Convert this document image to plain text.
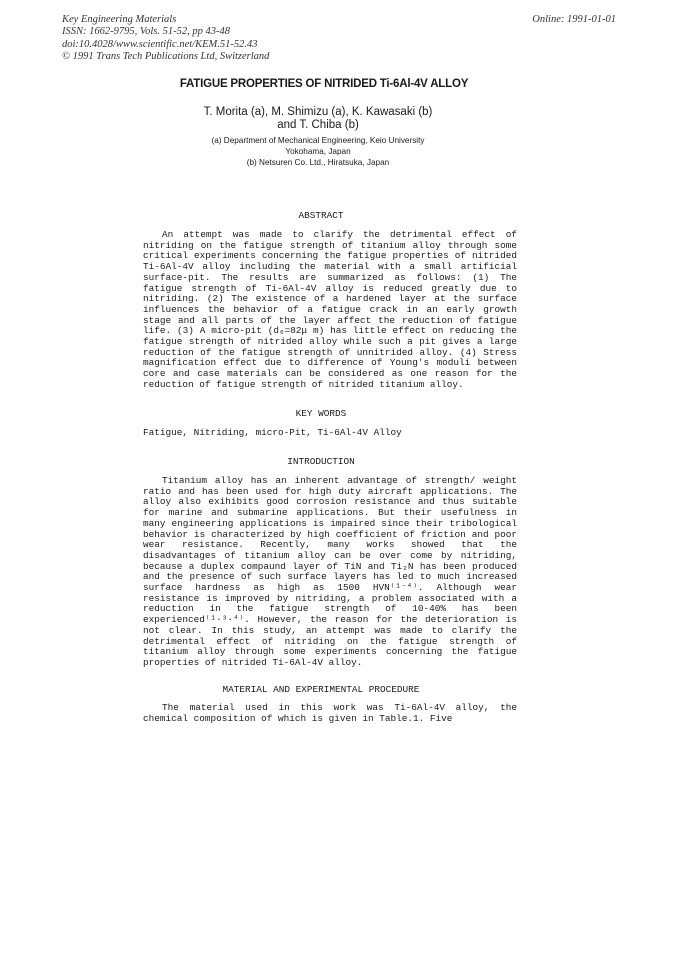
Key Engineering Materials
ISSN: 1662-9795, Vols. 51-52, pp 43-48
doi:10.4028/www.scientific.net/KEM.51-52.43
© 1991 Trans Tech Publications Ltd, Switzerland
Online: 1991-01-01
FATIGUE PROPERTIES OF NITRIDED Ti-6Al-4V ALLOY
T. Morita (a), M. Shimizu (a), K. Kawasaki (b)
and T. Chiba (b)
(a) Department of Mechanical Engineering, Keio University
Yokohama, Japan
(b) Netsuren Co. Ltd., Hiratsuka, Japan
ABSTRACT

An attempt was made to clarify the detrimental effect of nitriding on the fatigue strength of titanium alloy through some critical experiments concerning the fatigue properties of nitrided Ti-6Al-4V alloy including the material with a small artificial surface-pit. The results are summarized as follows: (1) The fatigue strength of Ti-6Al-4V alloy is reduced greatly due to nitriding. (2) The existence of a hardened layer at the surface influences the behavior of a fatigue crack in an early growth stage and all parts of the layer affect the reduction of fatigue life. (3) A micro-pit (d₀=82μ m) has little effect on reducing the fatigue strength of nitrided alloy while such a pit gives a large reduction of the fatigue strength of unnitrided alloy. (4) Stress magnification effect due to difference of Young's moduli between core and case materials can be considered as one reason for the reduction of fatigue strength of nitrided titanium alloy.

KEY WORDS

Fatigue, Nitriding, micro-Pit, Ti-6Al-4V Alloy

INTRODUCTION

Titanium alloy has an inherent advantage of strength/ weight ratio and has been used for high duty aircraft applications. The alloy also exihibits good corrosion resistance and thus suitable for marine and submarine applications. But their usefulness in many engineering applications is impaired since their tribological behavior is characterized by high coefficient of friction and poor wear resistance. Recently, many works showed that the disadvantages of titanium alloy can be over come by nitriding, because a duplex compaund layer of TiN and Ti₂N has been produced and the presence of such surface layers has led to much increased surface hardness as high as 1500 HVN⁽¹⁻⁴⁾. Although wear resistance is improved by nitriding, a problem associated with a reduction in the fatigue strength of 10-40% has been experienced⁽¹·³·⁴⁾. However, the reason for the deterioration is not clear. In this study, an attempt was made to clarify the detrimental effect of nitriding on the fatigue strength of titanium alloy through some experiments concerning the fatigue properties of nitrided Ti-6Al-4V alloy.

MATERIAL AND EXPERIMENTAL PROCEDURE

The material used in this work was Ti-6Al-4V alloy, the chemical composition of which is given in Table.1. Five
